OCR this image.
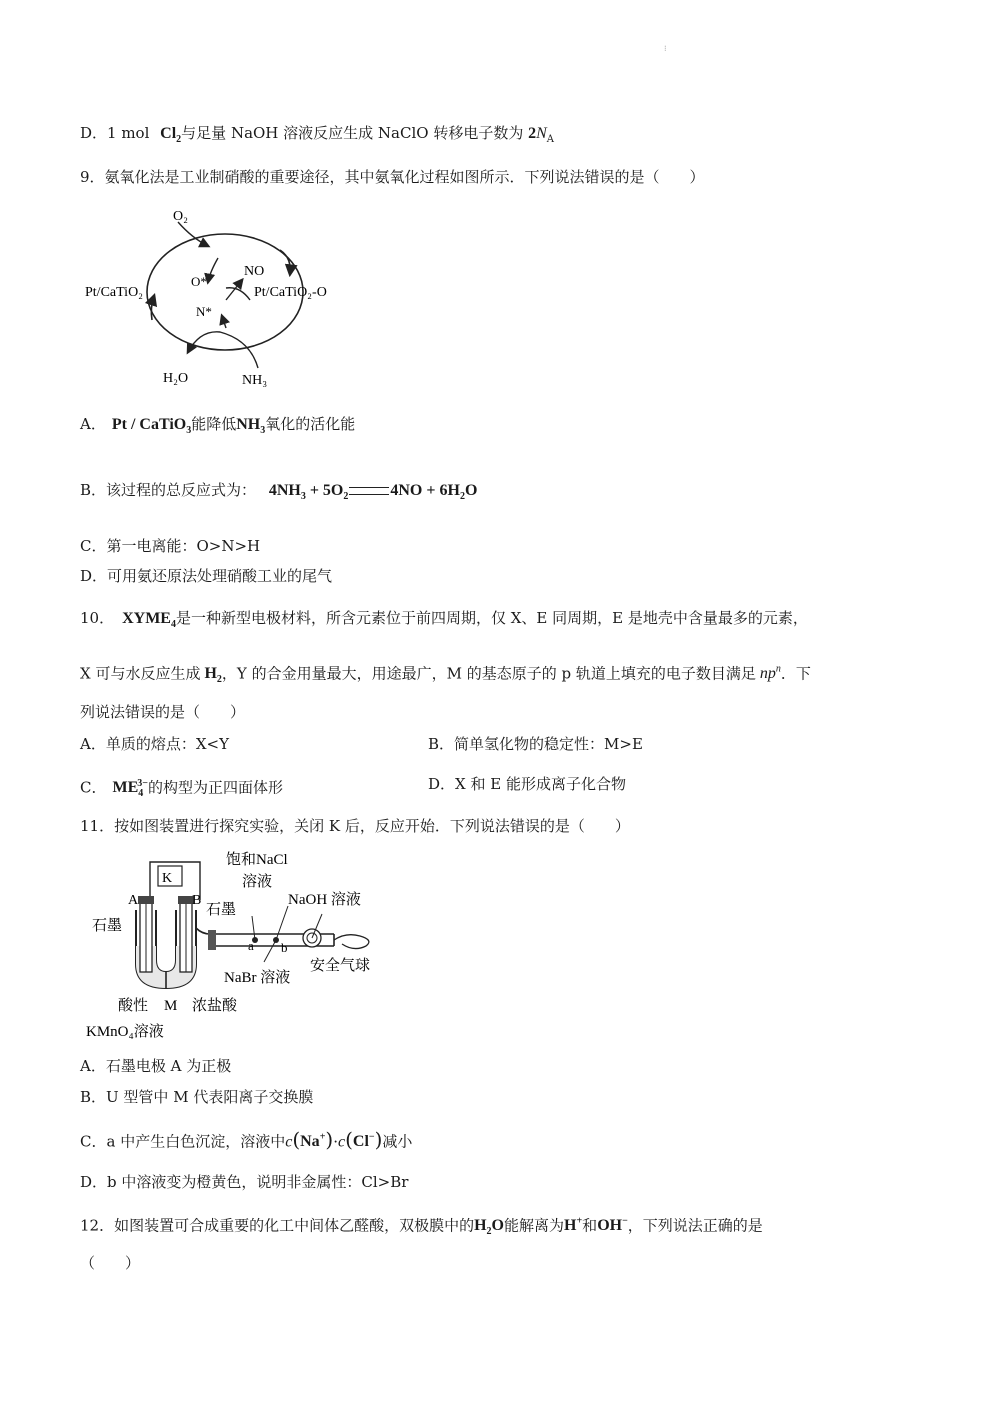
⁝
D．1 mol $Cl_2$与足量 NaOH 溶液反应生成 NaClO 转移电子数为 $2N_A$
9．氨氧化法是工业制硝酸的重要途径，其中氨氧化过程如图所示．下列说法错误的是（　　）
O₂
O*
NO
N*
Pt/CaTiO₂	Pt/CaTiO₂-O
H₂O	NH₃
A． Pt / CaTiO$_3$能降低$NH_3$氧化的活化能
B．该过程的总反应式为： $4NH_3 + 5O_2$	$4NO + 6H_2O$
C．第一电离能：O>N>H
D．可用氨还原法处理硝酸工业的尾气
10． $XYME_4$是一种新型电极材料，所含元素位于前四周期，仅 X、E 同周期，E 是地壳中含量最多的元素，
X 可与水反应生成 $H_2$，Y 的合金用量最大，用途最广，M 的基态原子的 p 轨道上填充的电子数目满足 $np^n$．下
列说法错误的是（　　）
A．单质的熔点：X<Y	B．简单氢化物的稳定性：M>E
C． $ME_4^{3-}$的构型为正四面体形	D．X 和 E 能形成离子化合物
11．按如图装置进行探究实验，关闭 K 后，反应开始．下列说法错误的是（　　）
K
A	B
石墨
石墨
饱和NaCl
溶液
NaOH 溶液
a b
NaBr 溶液
安全气球
酸性 M 浓盐酸
KMnO₄溶液
A．石墨电极 A 为正极
B．U 型管中 M 代表阳离子交换膜
C．a 中产生白色沉淀，溶液中c(Na+)·c(Cl−)减小
D．b 中溶液变为橙黄色，说明非金属性：Cl>Br
12．如图装置可合成重要的化工中间体乙醛酸，双极膜中的$H_2O$能解离为H+和OH−，下列说法正确的是
（　　）
